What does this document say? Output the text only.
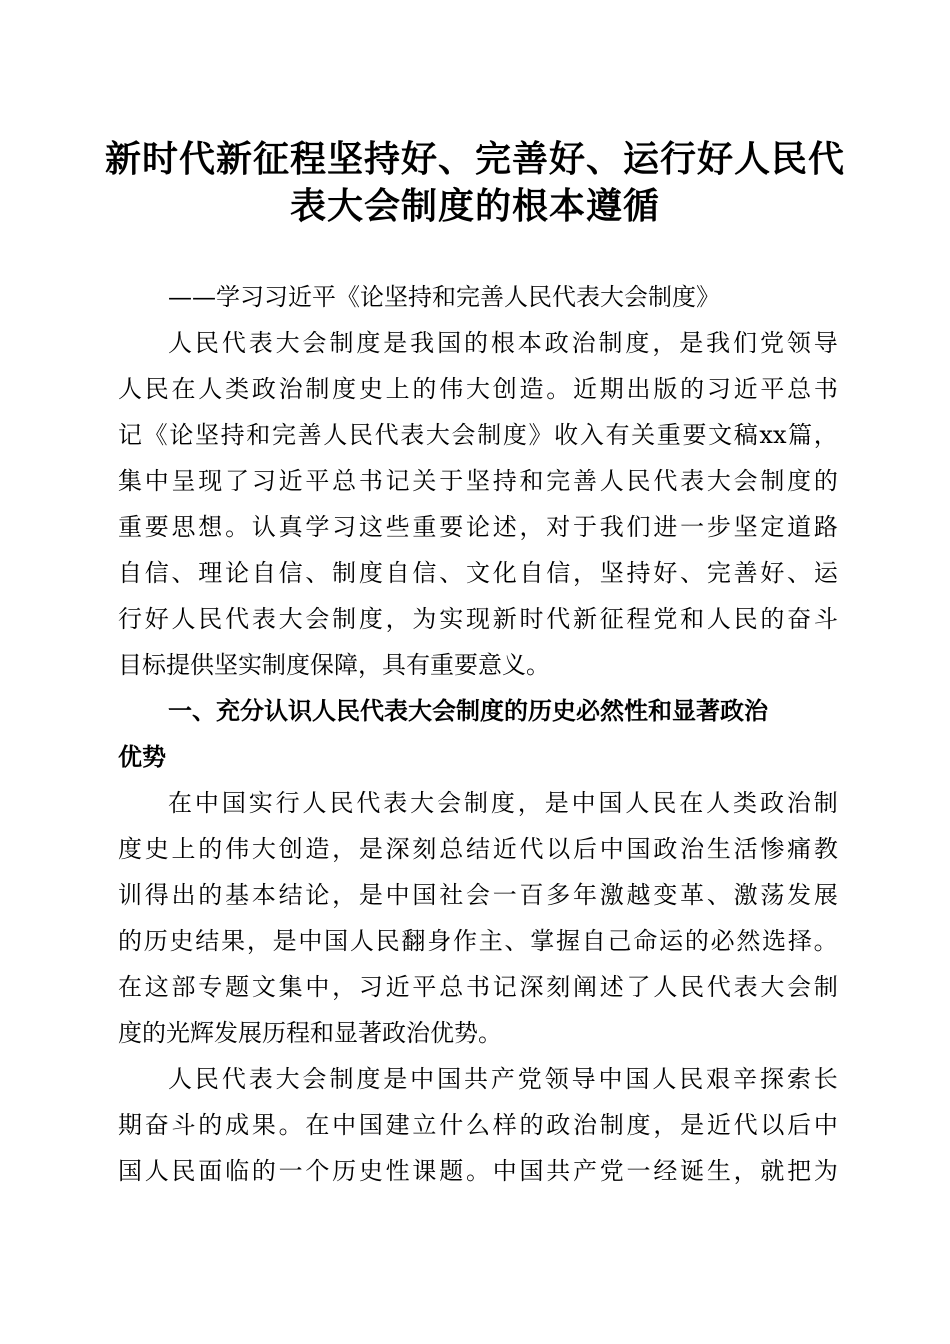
新时代新征程坚持好、完善好、运行好人民代
表大会制度的根本遵循
——学习习近平《论坚持和完善人民代表大会制度》
人 民 代 表 大 会 制 度 是 我 国 的 根 本 政 治 制 度 ， 是 我 们 党 领 导
人 民 在 人 类 政 治 制 度 史 上 的 伟 大 创 造 。 近 期 出 版 的 习 近 平 总 书
记 《 论 坚 持 和 完 善 人 民 代 表 大 会 制 度 》 收 入 有 关 重 要 文 稿 xx 篇 ，
集 中 呈 现 了 习 近 平 总 书 记 关 于 坚 持 和 完 善 人 民 代 表 大 会 制 度 的
重 要 思 想 。 认 真 学 习 这 些 重 要 论 述 ， 对 于 我 们 进 一 步 坚 定 道 路
自 信 、 理 论 自 信 、 制 度 自 信 、 文 化 自 信 ， 坚 持 好 、 完 善 好 、 运
行 好 人 民 代 表 大 会 制 度 ， 为 实 现 新 时 代 新 征 程 党 和 人 民 的 奋 斗
目标提供坚实制度保障，具有重要意义。
一、充分认识人民代表大会制度的历史必然性和显著政治
优势
在 中 国 实 行 人 民 代 表 大 会 制 度 ， 是 中 国 人 民 在 人 类 政 治 制
度 史 上 的 伟 大 创 造 ， 是 深 刻 总 结 近 代 以 后 中 国 政 治 生 活 惨 痛 教
训 得 出 的 基 本 结 论 ， 是 中 国 社 会 一 百 多 年 激 越 变 革 、 激 荡 发 展
的 历 史 结 果 ， 是 中 国 人 民 翻 身 作 主 、 掌 握 自 己 命 运 的 必 然 选 择 。
在 这 部 专 题 文 集 中 ， 习 近 平 总 书 记 深 刻 阐 述 了 人 民 代 表 大 会 制
度的光辉发展历程和显著政治优势。
人 民 代 表 大 会 制 度 是 中 国 共 产 党 领 导 中 国 人 民 艰 辛 探 索 长
期 奋 斗 的 成 果 。 在 中 国 建 立 什 么 样 的 政 治 制 度 ， 是 近 代 以 后 中
国 人 民 面 临 的 一 个 历 史 性 课 题 。 中 国 共 产 党 一 经 诞 生 ， 就 把 为
